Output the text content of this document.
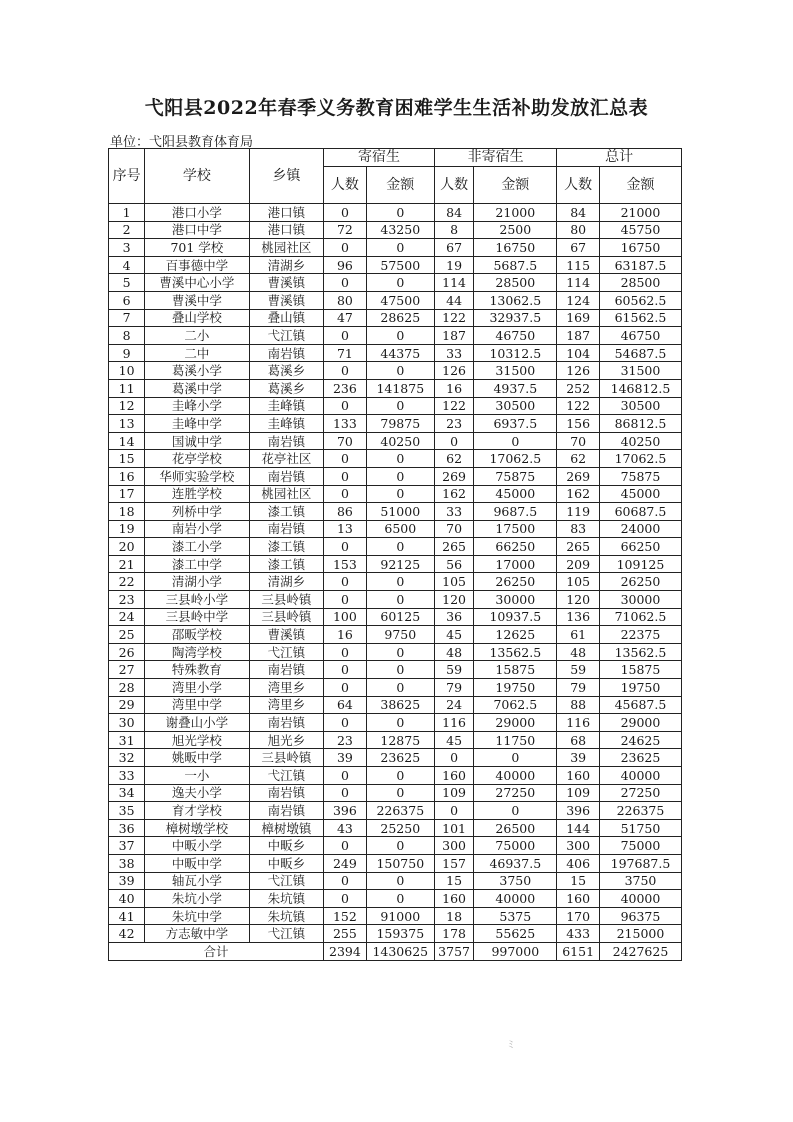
弋阳县2022年春季义务教育困难学生生活补助发放汇总表
单位：弋阳县教育体育局
序号	学校	乡镇	寄宿生		非寄宿生		总计	
			人数	金额	人数	金额	人数	金额
1	港口小学	港口镇	0	0	84	21000	84	21000
2	港口中学	港口镇	72	43250	8	2500	80	45750
3	701 学校	桃园社区	0	0	67	16750	67	16750
4	百事德中学	清湖乡	96	57500	19	5687.5	115	63187.5
5	曹溪中心小学	曹溪镇	0	0	114	28500	114	28500
6	曹溪中学	曹溪镇	80	47500	44	13062.5	124	60562.5
7	叠山学校	叠山镇	47	28625	122	32937.5	169	61562.5
8	二小	弋江镇	0	0	187	46750	187	46750
9	二中	南岩镇	71	44375	33	10312.5	104	54687.5
10	葛溪小学	葛溪乡	0	0	126	31500	126	31500
11	葛溪中学	葛溪乡	236	141875	16	4937.5	252	146812.5
12	圭峰小学	圭峰镇	0	0	122	30500	122	30500
13	圭峰中学	圭峰镇	133	79875	23	6937.5	156	86812.5
14	国诚中学	南岩镇	70	40250	0	0	70	40250
15	花亭学校	花亭社区	0	0	62	17062.5	62	17062.5
16	华师实验学校	南岩镇	0	0	269	75875	269	75875
17	连胜学校	桃园社区	0	0	162	45000	162	45000
18	列桥中学	漆工镇	86	51000	33	9687.5	119	60687.5
19	南岩小学	南岩镇	13	6500	70	17500	83	24000
20	漆工小学	漆工镇	0	0	265	66250	265	66250
21	漆工中学	漆工镇	153	92125	56	17000	209	109125
22	清湖小学	清湖乡	0	0	105	26250	105	26250
23	三县岭小学	三县岭镇	0	0	120	30000	120	30000
24	三县岭中学	三县岭镇	100	60125	36	10937.5	136	71062.5
25	邵畈学校	曹溪镇	16	9750	45	12625	61	22375
26	陶湾学校	弋江镇	0	0	48	13562.5	48	13562.5
27	特殊教育	南岩镇	0	0	59	15875	59	15875
28	湾里小学	湾里乡	0	0	79	19750	79	19750
29	湾里中学	湾里乡	64	38625	24	7062.5	88	45687.5
30	谢叠山小学	南岩镇	0	0	116	29000	116	29000
31	旭光学校	旭光乡	23	12875	45	11750	68	24625
32	姚畈中学	三县岭镇	39	23625	0	0	39	23625
33	一小	弋江镇	0	0	160	40000	160	40000
34	逸夫小学	南岩镇	0	0	109	27250	109	27250
35	育才学校	南岩镇	396	226375	0	0	396	226375
36	樟树墩学校	樟树墩镇	43	25250	101	26500	144	51750
37	中畈小学	中畈乡	0	0	300	75000	300	75000
38	中畈中学	中畈乡	249	150750	157	46937.5	406	197687.5
39	轴瓦小学	弋江镇	0	0	15	3750	15	3750
40	朱坑小学	朱坑镇	0	0	160	40000	160	40000
41	朱坑中学	朱坑镇	152	91000	18	5375	170	96375
42	方志敏中学	弋江镇	255	159375	178	55625	433	215000
合计			2394	1430625	3757	997000	6151	2427625
ﾐ
